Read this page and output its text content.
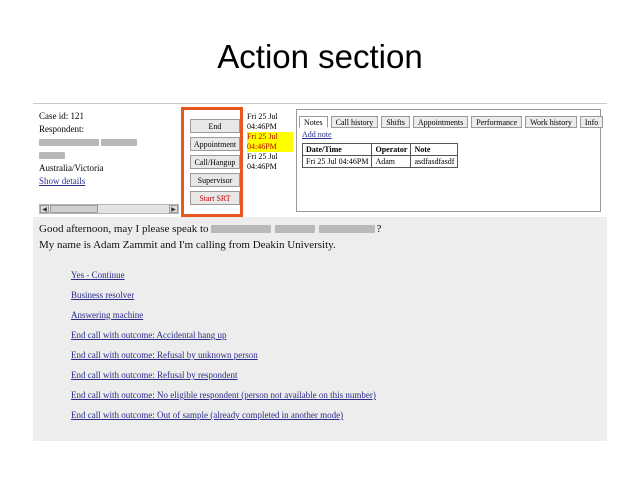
Action section
Case id: 121
Respondent:
Australia/Victoria
Show details
◀	▶
End
Appointment
Call/Hangup
Supervisor
Start SRT
Fri 25 Jul
04:46PM
Fri 25 Jul
04:46PM
Fri 25 Jul
04:46PM
Notes Call history Shifts Appointments Performance Work history Info
Add note
Date/Time	Operator	Note
Fri 25 Jul 04:46PM	Adam	asdfasdfasdf
Good afternoon, may I please speak to	?
My name is Adam Zammit and I'm calling from Deakin University.
Yes - Continue
Business resolver
Answering machine
End call with outcome: Accidental hang up
End call with outcome: Refusal by unknown person
End call with outcome: Refusal by respondent
End call with outcome: No eligible respondent (person not available on this number)
End call with outcome: Out of sample (already completed in another mode)
